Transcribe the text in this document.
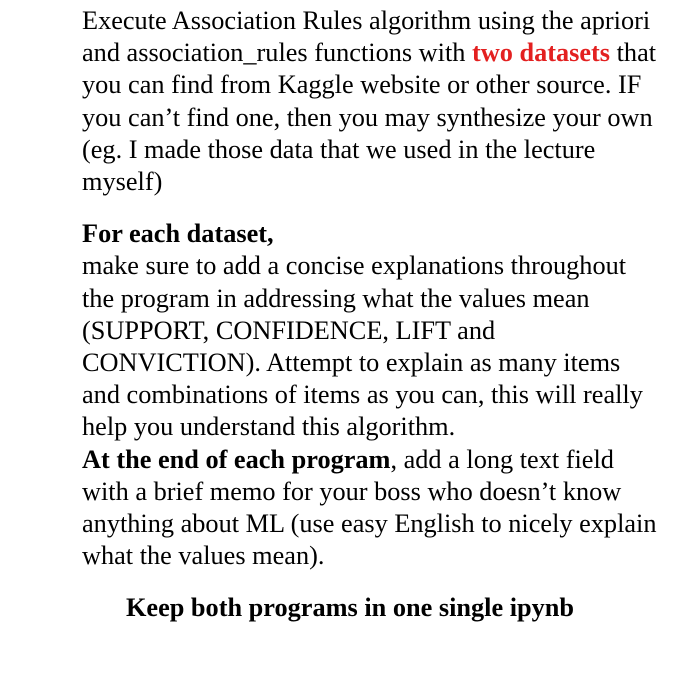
Execute Association Rules algorithm using the apriori and association_rules functions with two datasets that you can find from Kaggle website or other source. IF you can’t find one, then you may synthesize your own (eg. I made those data that we used in the lecture myself)

For each dataset,
make sure to add a concise explanations throughout the program in addressing what the values mean (SUPPORT, CONFIDENCE, LIFT and CONVICTION). Attempt to explain as many items and combinations of items as you can, this will really help you understand this algorithm.

At the end of each program, add a long text field with a brief memo for your boss who doesn’t know anything about ML (use easy English to nicely explain what the values mean).

Keep both programs in one single ipynb
